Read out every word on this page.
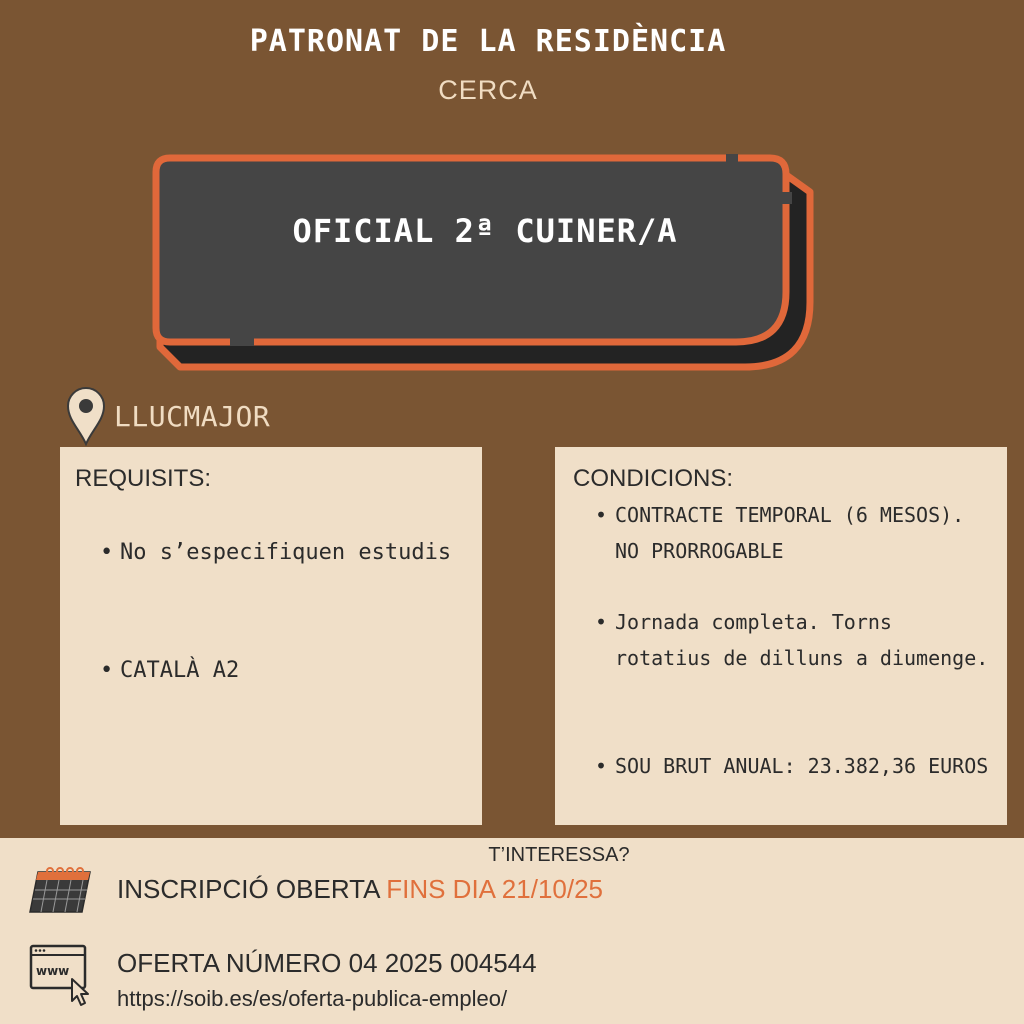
PATRONAT DE LA RESIDÈNCIA
CERCA
OFICIAL 2ª CUINER/A
LLUCMAJOR
REQUISITS:
• No s’especifiquen estudis
• CATALÀ A2
CONDICIONS:
• CONTRACTE TEMPORAL (6 MESOS). NO PRORROGABLE
• Jornada completa. Torns rotatius de dilluns a diumenge.
• SOU BRUT ANUAL: 23.382,36 EUROS
T’INTERESSA?
INSCRIPCIÓ OBERTA FINS DIA 21/10/25
www OFERTA NÚMERO 04 2025 004544
https://soib.es/es/oferta-publica-empleo/
